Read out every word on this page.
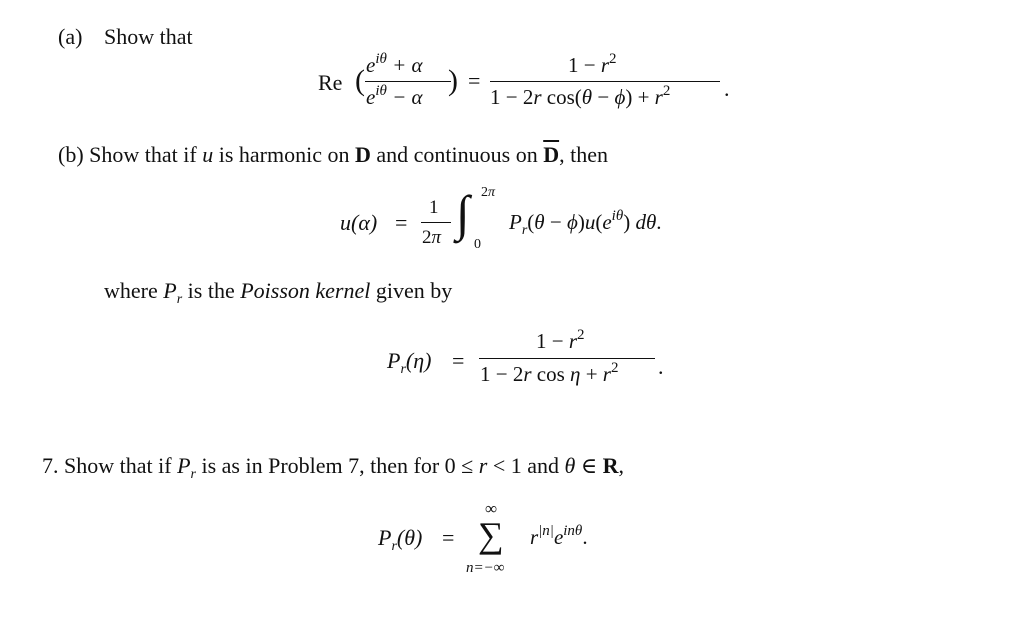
(a) Show that
Re ( $e^{i\theta} + \alpha$
$e^{i\theta} - \alpha$ ) =
$1 - r^2$
1 − 2r $\cos(\theta - \phi) + r^2$ .
(b) Show that if u is harmonic on D and continuous on $\overline{D}$, then
u(α) =
1
2π ∫ 2π
0
$P_r(\theta - \phi)u(e^{i\theta})$ dθ.
where $P_r$ is the Poisson kernel given by
$P_r(\eta)$ =
$1 - r^2$
1 − 2r $\cos \eta + r^2$ .
7. Show that if $P_r$ is as in Problem 7, then for 0 ≤ r < 1 and θ ∈ R,
$P_r(\theta)$ =
∞
∑
n=−∞
$r^{|n|}e^{in\theta}$.
